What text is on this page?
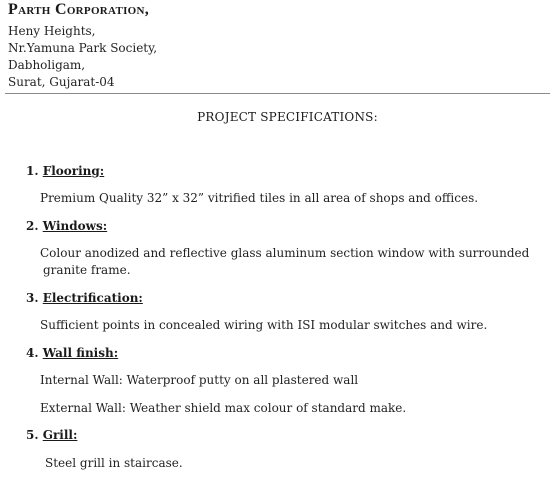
Parth Corporation,
Heny Heights,
Nr.Yamuna Park Society,
Dabholigam,
Surat, Gujarat-04
PROJECT SPECIFICATIONS:
1. Flooring:
Premium Quality 32” x 32” vitrified tiles in all area of shops and offices.
2. Windows:
Colour anodized and reflective glass aluminum section window with surrounded
granite frame.
3. Electrification:
Sufficient points in concealed wiring with ISI modular switches and wire.
4. Wall finish:
Internal Wall: Waterproof putty on all plastered wall
External Wall: Weather shield max colour of standard make.
5. Grill:
Steel grill in staircase.
